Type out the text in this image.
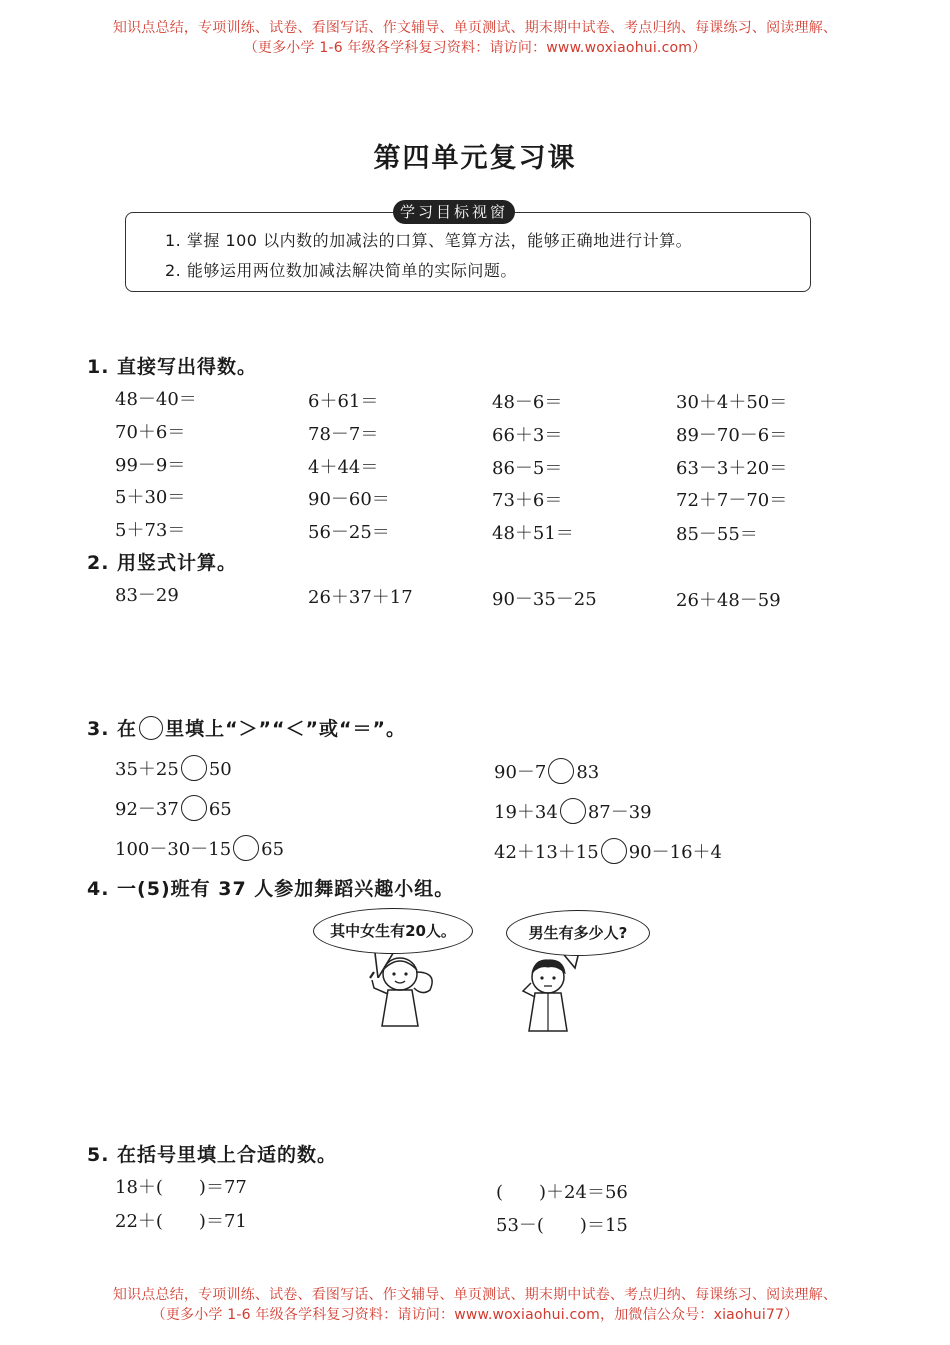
知识点总结，专项训练、试卷、看图写话、作文辅导、单页测试、期末期中试卷、考点归纳、每课练习、阅读理解、
（更多小学 1-6 年级各学科复习资料：请访问：www.woxiaohui.com）
第四单元复习课
学习目标视窗
1. 掌握 100 以内数的加减法的口算、笔算方法，能够正确地进行计算。
2. 能够运用两位数加减法解决简单的实际问题。
1. 直接写出得数。
48－40＝	6＋61＝	48－6＝	30＋4＋50＝
70＋6＝	78－7＝	66＋3＝	89－70－6＝
99－9＝	4＋44＝	86－5＝	63－3＋20＝
5＋30＝	90－60＝	73＋6＝	72＋7－70＝
5＋73＝	56－25＝	48＋51＝	85－55＝
2. 用竖式计算。
83－29	26＋37＋17	90－35－25	26＋48－59
3. 在 里填上“＞”“＜”或“＝”。
35＋25 50	90－7 83
92－37 65	19＋34 87－39
100－30－15 65	42＋13＋15 90－16＋4
4. 一(5)班有 37 人参加舞蹈兴趣小组。
其中女生有20人。	男生有多少人?
5. 在括号里填上合适的数。
18＋(　　)＝77	(　　)＋24＝56
22＋(　　)＝71	53－(　　)＝15
知识点总结，专项训练、试卷、看图写话、作文辅导、单页测试、期末期中试卷、考点归纳、每课练习、阅读理解、
（更多小学 1-6 年级各学科复习资料：请访问：www.woxiaohui.com，加微信公众号：xiaohui77）
